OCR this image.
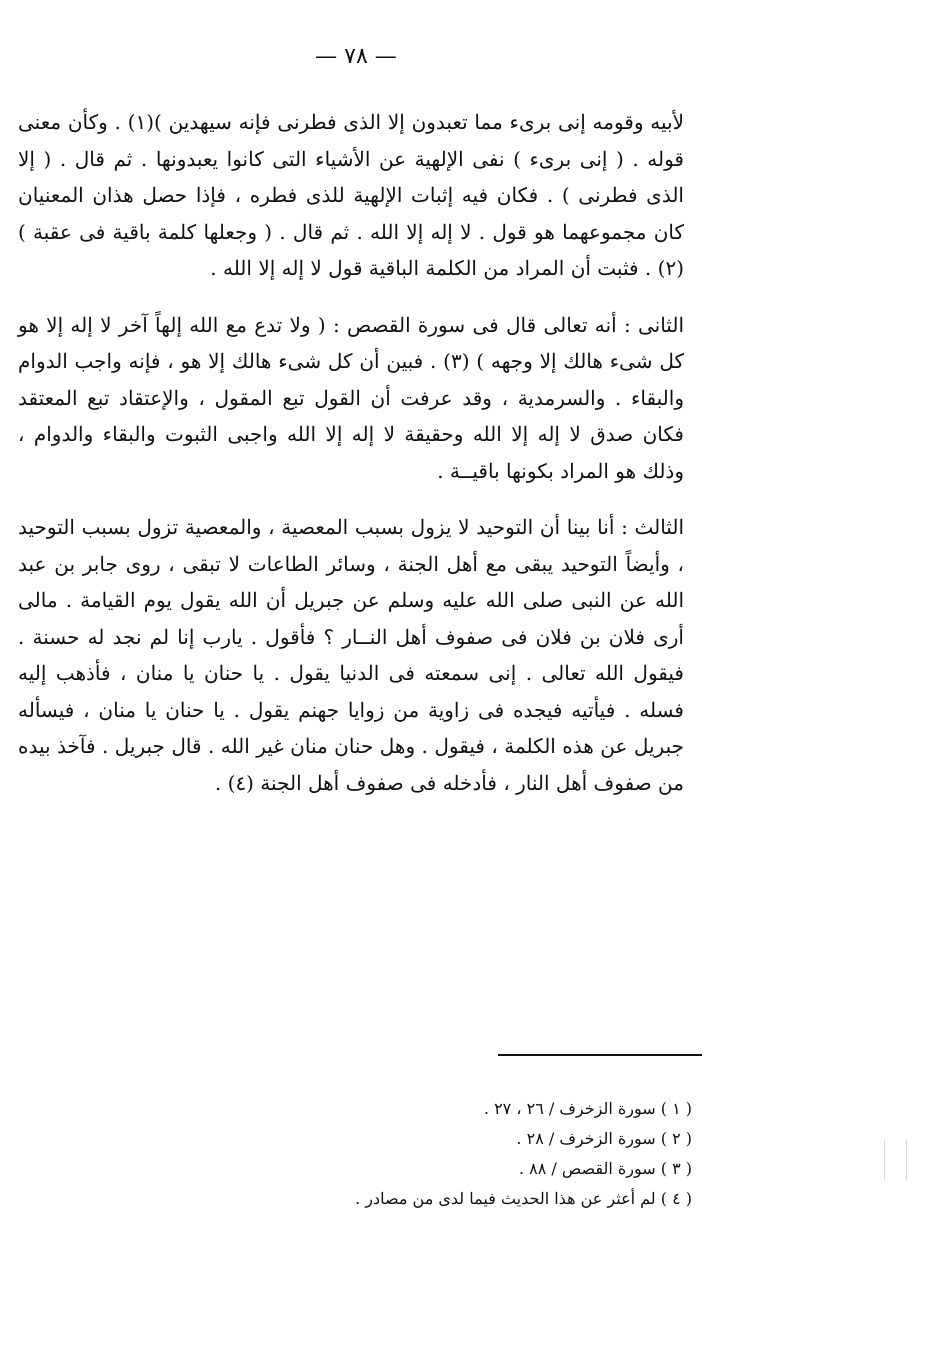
— ٧٨ —

لأبيه وقومه إنى برىء مما تعبدون إلا الذى فطرنى فإنه سيهدين )(١) . وكأن معنى قوله . ( إنى برىء ) نفى الإلهية عن الأشياء التى كانوا يعبدونها . ثم قال . ( إلا الذى فطرنى ) . فكان فيه إثبات الإلهية للذى فطره ، فإذا حصل هذان المعنيان كان مجموعهما هو قول . لا إله إلا الله . ثم قال . ( وجعلها كلمة باقية فى عقبة ) (٢) . فثبت أن المراد من الكلمة الباقية قول لا إله إلا الله .

الثانى : أنه تعالى قال فى سورة القصص : ( ولا تدع مع الله إلهاً آخر لا إله إلا هو كل شىء هالك إلا وجهه ) (٣) . فبين أن كل شىء هالك إلا هو ، فإنه واجب الدوام والبقاء . والسرمدية ، وقد عرفت أن القول تبع المقول ، والإعتقاد تبع المعتقد فكان صدق لا إله إلا الله وحقيقة لا إله إلا الله واجبى الثبوت والبقاء والدوام ، وذلك هو المراد بكونها باقيــة .

الثالث : أنا بينا أن التوحيد لا يزول بسبب المعصية ، والمعصية تزول بسبب التوحيد ، وأيضاً التوحيد يبقى مع أهل الجنة ، وسائر الطاعات لا تبقى ، روى جابر بن عبد الله عن النبى صلى الله عليه وسلم عن جبريل أن الله يقول يوم القيامة . مالى أرى فلان بن فلان فى صفوف أهل النــار ؟ فأقول . يارب إنا لم نجد له حسنة . فيقول الله تعالى . إنى سمعته فى الدنيا يقول . يا حنان يا منان ، فأذهب إليه فسله . فيأتيه فيجده فى زاوية من زوايا جهنم يقول . يا حنان يا منان ، فيسأله جبريل عن هذه الكلمة ، فيقول . وهل حنان منان غير الله . قال جبريل . فآخذ بيده من صفوف أهل النار ، فأدخله فى صفوف أهل الجنة (٤) .

( ١ ) سورة الزخرف / ٢٦ ، ٢٧ .

( ٢ ) سورة الزخرف / ٢٨ .

( ٣ ) سورة القصص / ٨٨ .

( ٤ ) لم أعثر عن هذا الحديث فيما لدى من مصادر .
